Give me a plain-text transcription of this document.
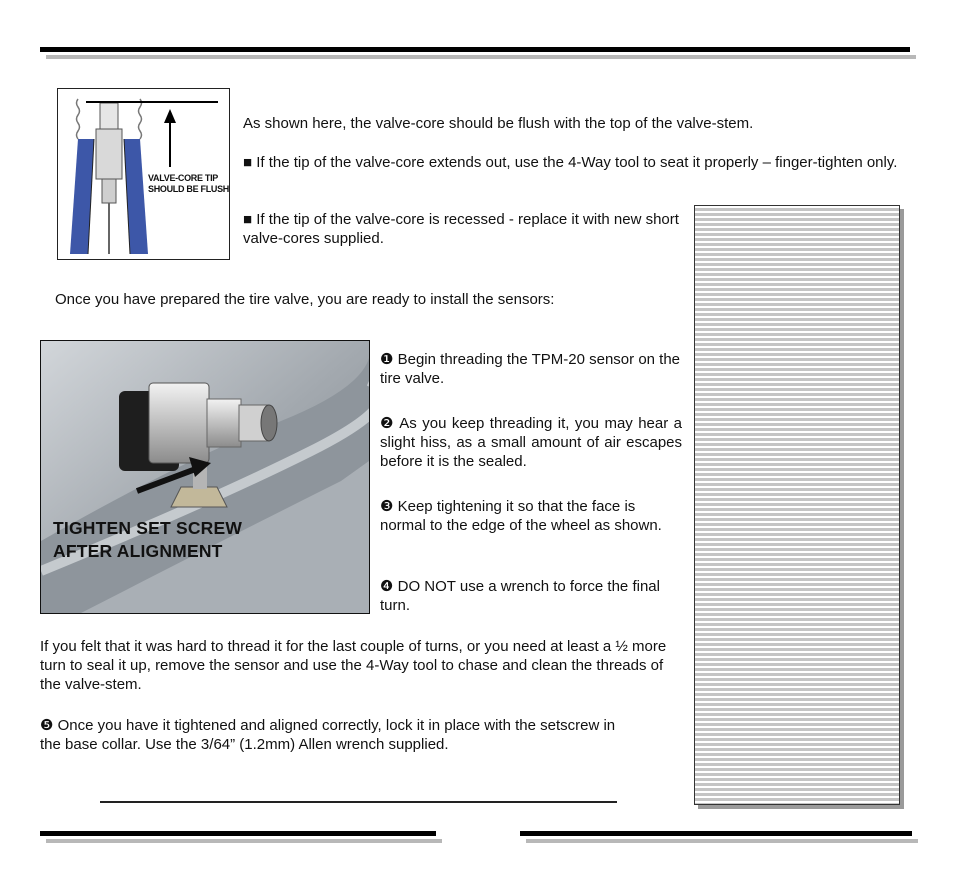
VALVE-CORE TIP
SHOULD BE FLUSH

As shown here, the valve-core should be flush with the top of the valve-stem.

■ If the tip of the valve-core extends out, use the 4-Way tool to seat it properly – finger-tighten only.

■ If the tip of the valve-core is recessed - replace it with new short valve-cores supplied.

Once you have prepared the tire valve, you are ready to install the sensors:

TIGHTEN SET SCREW
AFTER ALIGNMENT

❶ Begin threading the TPM-20 sensor on the tire valve.

❷ As you keep threading it, you may hear a slight hiss, as a small amount of air escapes before it is the sealed.

❸ Keep tightening it so that the face is normal to the edge of the wheel as shown.

❹ DO NOT use a wrench to force the final turn.

If you felt that it was hard to thread it for the last couple of turns, or you need at least a ½ more turn to seal it up, remove the sensor and use the 4-Way tool to chase and clean the threads of the valve-stem.

❺ Once you have it tightened and aligned correctly, lock it in place with the setscrew in the base collar. Use the 3/64” (1.2mm) Allen wrench supplied.
